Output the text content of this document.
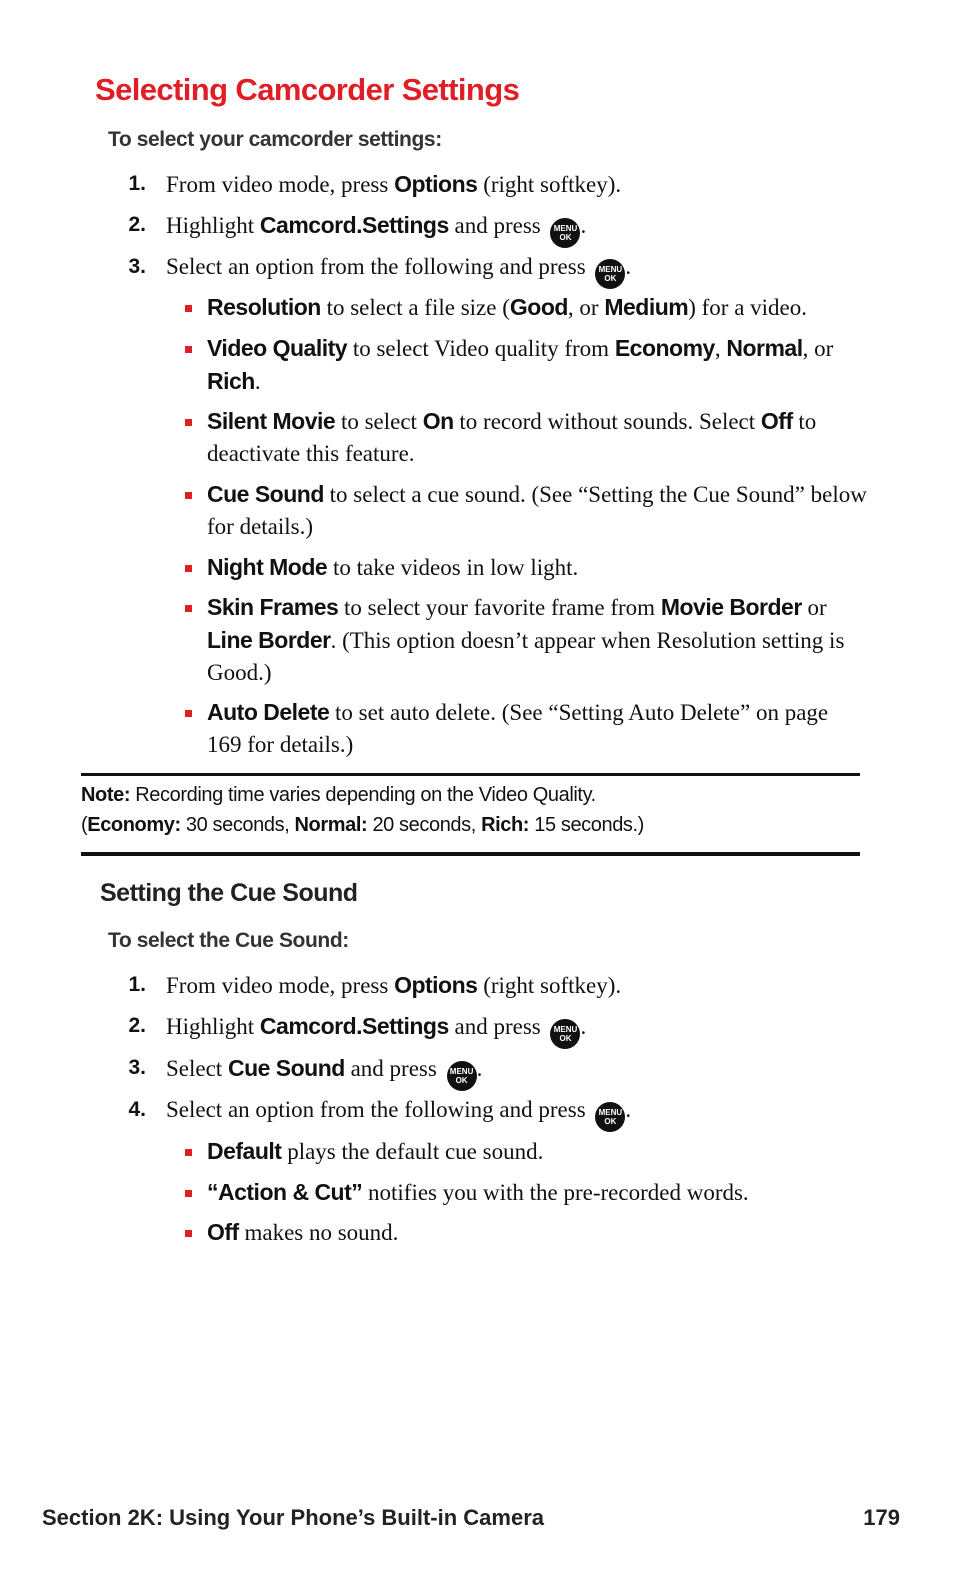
Selecting Camcorder Settings
To select your camcorder settings:
1. From video mode, press Options (right softkey).
2. Highlight Camcord.Settings and press MENU
OK .
3. Select an option from the following and press MENU
OK .
Resolution to select a file size (Good, or Medium) for a video.
Video Quality to select Video quality from Economy, Normal, or Rich.
Silent Movie to select On to record without sounds. Select Off to deactivate this feature.
Cue Sound to select a cue sound. (See “Setting the Cue Sound” below for details.)
Night Mode to take videos in low light.
Skin Frames to select your favorite frame from Movie Border or Line Border. (This option doesn’t appear when Resolution setting is Good.)
Auto Delete to set auto delete. (See “Setting Auto Delete” on page 169 for details.)
Note: Recording time varies depending on the Video Quality.
(Economy: 30 seconds, Normal: 20 seconds, Rich: 15 seconds.)
Setting the Cue Sound
To select the Cue Sound:
1. From video mode, press Options (right softkey).
2. Highlight Camcord.Settings and press MENU
OK .
3. Select Cue Sound and press MENU
OK .
4. Select an option from the following and press MENU
OK .
Default plays the default cue sound.
“Action & Cut” notifies you with the pre-recorded words.
Off makes no sound.
Section 2K: Using Your Phone’s Built-in Camera	179
